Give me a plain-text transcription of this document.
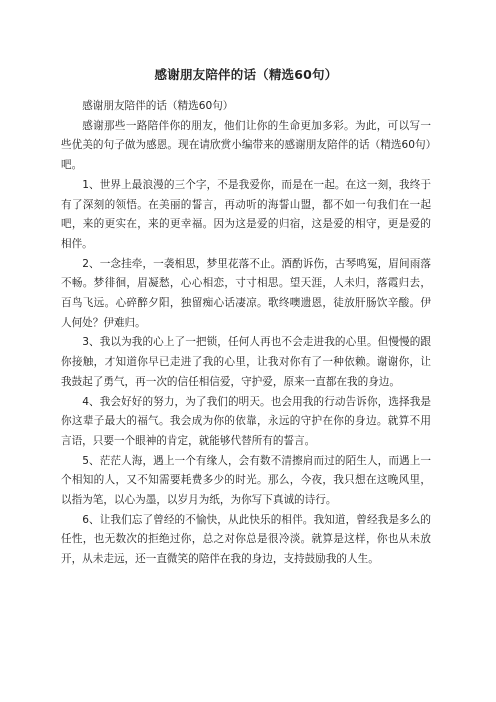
感谢朋友陪伴的话（精选60句）

感谢朋友陪伴的话（精选60句）

感谢那些一路陪伴你的朋友，他们让你的生命更加多彩。为此，可以写一些优美的句子做为感恩。现在请欣赏小编带来的感谢朋友陪伴的话（精选60句）吧。

1、世界上最浪漫的三个字，不是我爱你，而是在一起。在这一刻，我终于有了深刻的领悟。在美丽的誓言，再动听的海誓山盟，都不如一句我们在一起吧，来的更实在，来的更幸福。因为这是爱的归宿，这是爱的相守，更是爱的相伴。

2、一念挂牵，一袭相思，梦里花落不止。酒酌诉伤，古琴鸣冤，眉间雨落不畅。梦徘徊，眉凝愁，心心相恋，寸寸相思。望天涯，人未归，落霞归去，百鸟飞远。心碎醉夕阳，独留痴心话凄凉。歌终噢遗恩，徒放肝肠饮辛酸。伊人何处？伊难归。

3、我以为我的心上了一把锁，任何人再也不会走进我的心里。但慢慢的跟你接触，才知道你早已走进了我的心里，让我对你有了一种依赖。谢谢你，让我鼓起了勇气，再一次的信任相信爱，守护爱，原来一直都在我的身边。

4、我会好好的努力，为了我们的明天。也会用我的行动告诉你，选择我是你这辈子最大的福气。我会成为你的依靠，永远的守护在你的身边。就算不用言语，只要一个眼神的肯定，就能够代替所有的誓言。

5、茫茫人海，遇上一个有缘人，会有数不清擦肩而过的陌生人，而遇上一个相知的人，又不知需要耗费多少的时光。那么，今夜，我只想在这晚风里，以指为笔，以心为墨，以岁月为纸，为你写下真诚的诗行。

6、让我们忘了曾经的不愉快，从此快乐的相伴。我知道，曾经我是多么的任性，也无数次的拒绝过你，总之对你总是很冷淡。就算是这样，你也从未放开，从未走远，还一直微笑的陪伴在我的身边，支持鼓励我的人生。
